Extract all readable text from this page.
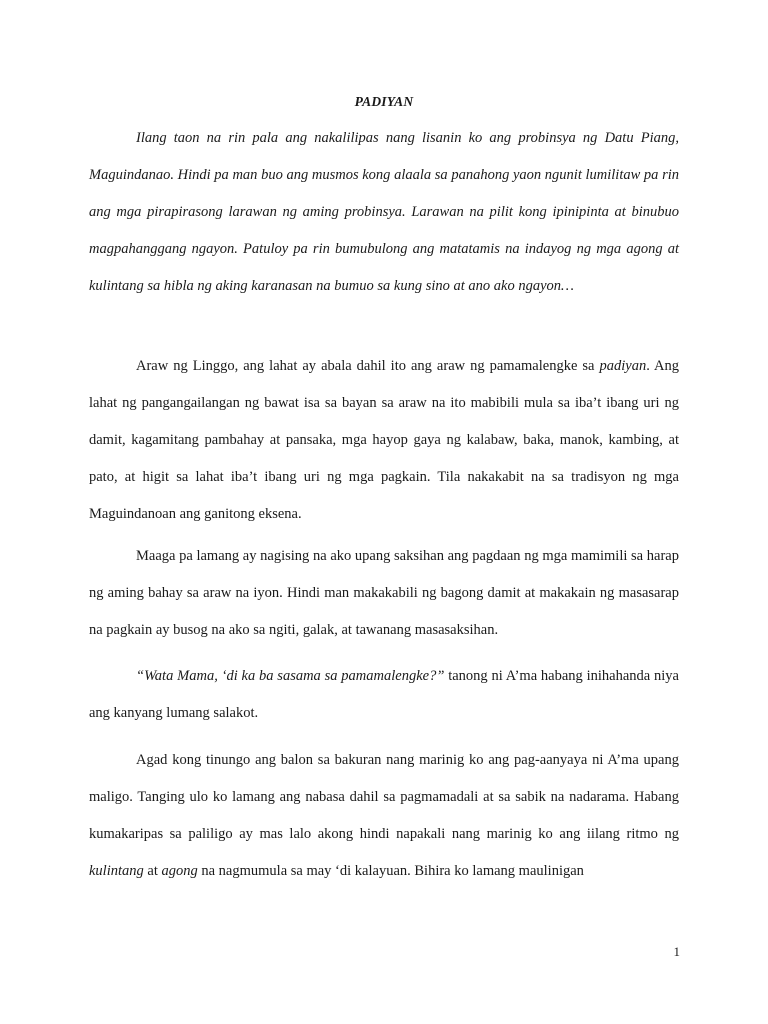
PADIYAN

Ilang taon na rin pala ang nakalilipas nang lisanin ko ang probinsya ng Datu Piang, Maguindanao. Hindi pa man buo ang musmos kong alaala sa panahong yaon ngunit lumilitaw pa rin ang mga pirapirasong larawan ng aming probinsya. Larawan na pilit kong ipinipinta at binubuo magpahanggang ngayon. Patuloy pa rin bumubulong ang matatamis na indayog ng mga agong at kulintang sa hibla ng aking karanasan na bumuo sa kung sino at ano ako ngayon…

Araw ng Linggo, ang lahat ay abala dahil ito ang araw ng pamamalengke sa padiyan. Ang lahat ng pangangailangan ng bawat isa sa bayan sa araw na ito mabibili mula sa iba’t ibang uri ng damit, kagamitang pambahay at pansaka, mga hayop gaya ng kalabaw, baka, manok, kambing, at pato, at higit sa lahat iba’t ibang uri ng mga pagkain. Tila nakakabit na sa tradisyon ng mga Maguindanoan ang ganitong eksena.

Maaga pa lamang ay nagising na ako upang saksihan ang pagdaan ng mga mamimili sa harap ng aming bahay sa araw na iyon. Hindi man makakabili ng bagong damit at makakain ng masasarap na pagkain ay busog na ako sa ngiti, galak, at tawanang masasaksihan.

“Wata Mama, ‘di ka ba sasama sa pamamalengke?” tanong ni A’ma habang inihahanda niya ang kanyang lumang salakot.

Agad kong tinungo ang balon sa bakuran nang marinig ko ang pag-aanyaya ni A’ma upang maligo. Tanging ulo ko lamang ang nabasa dahil sa pagmamadali at sa sabik na nadarama. Habang kumakaripas sa paliligo ay mas lalo akong hindi napakali nang marinig ko ang iilang ritmo ng kulintang at agong na nagmumula sa may ‘di kalayuan. Bihira ko lamang maulinigan

1
